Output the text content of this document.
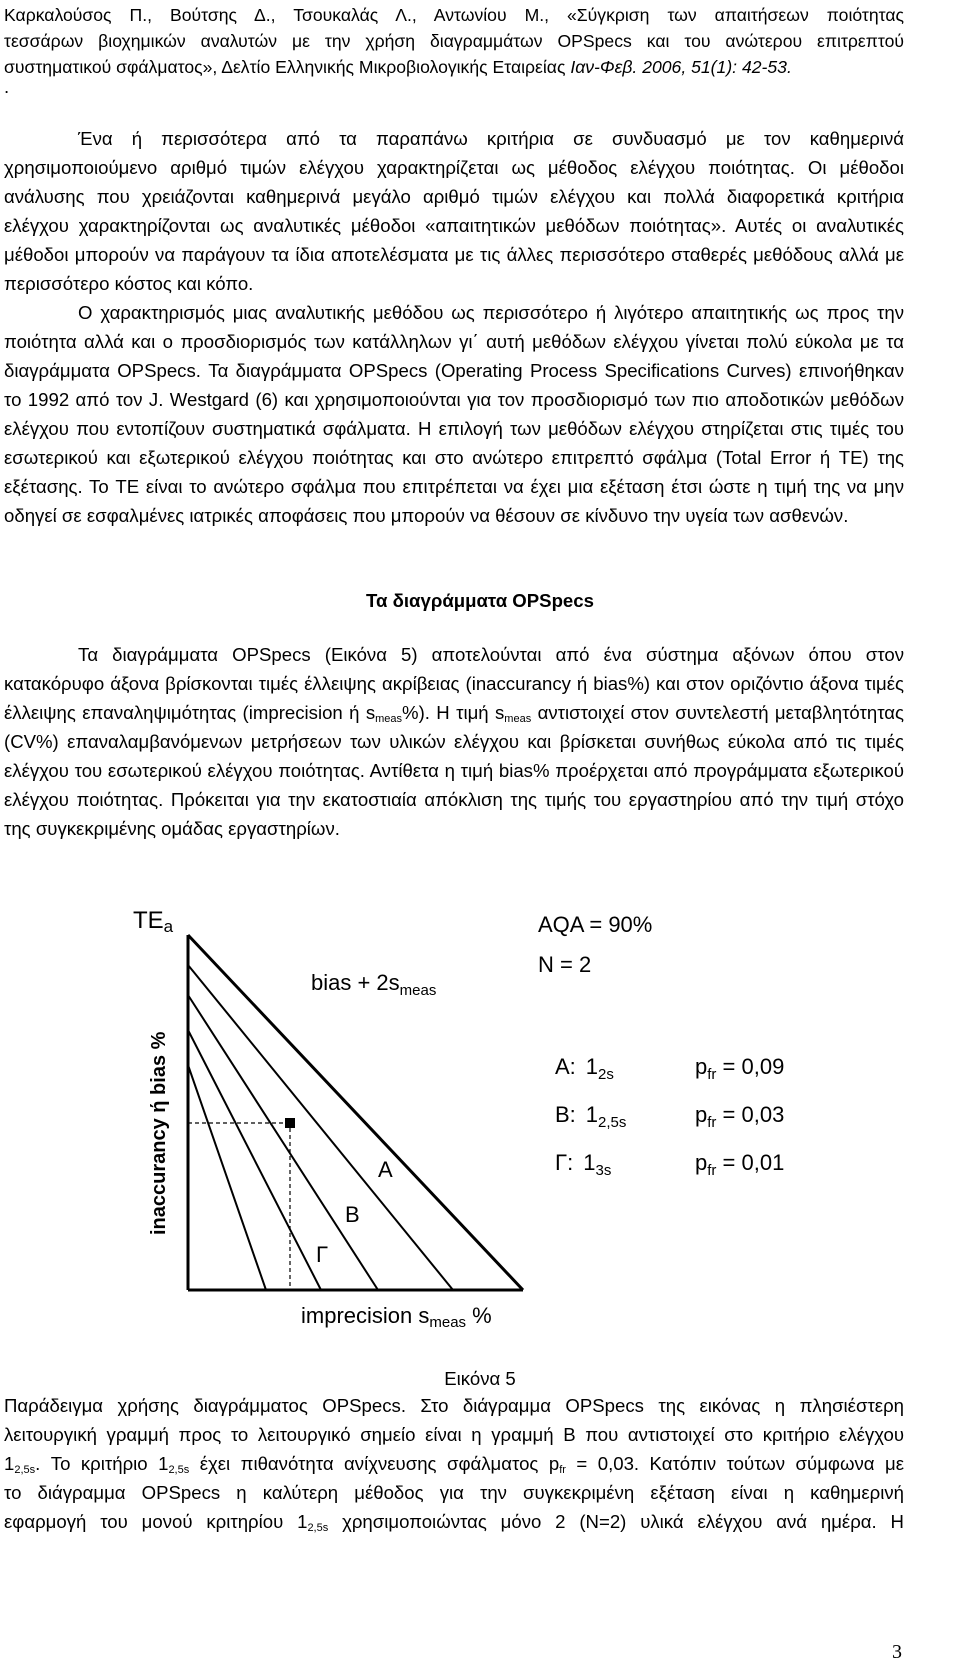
Καρκαλούσος Π., Βούτσης Δ., Τσουκαλάς Λ., Αντωνίου Μ., «Σύγκριση των απαιτήσεων ποιότητας
τεσσάρων βιοχημικών αναλυτών με την χρήση διαγραμμάτων OPSpecs και του ανώτερου επιτρεπτού
συστηματικού σφάλματος», Δελτίο Ελληνικής Μικροβιολογικής Εταιρείας Ιαν-Φεβ. 2006, 51(1): 42-53.
.
Ένα ή περισσότερα από τα παραπάνω κριτήρια σε συνδυασμό με τον καθημερινά
χρησιμοποιούμενο αριθμό τιμών ελέγχου χαρακτηρίζεται ως μέθοδος ελέγχου ποιότητας. Οι μέθοδοι
ανάλυσης που χρειάζονται καθημερινά μεγάλο αριθμό τιμών ελέγχου και πολλά διαφορετικά κριτήρια
ελέγχου χαρακτηρίζονται ως αναλυτικές μέθοδοι «απαιτητικών μεθόδων ποιότητας». Αυτές οι αναλυτικές
μέθοδοι μπορούν να παράγουν τα ίδια αποτελέσματα με τις άλλες περισσότερο σταθερές μεθόδους αλλά με
περισσότερο κόστος και κόπο.
Ο χαρακτηρισμός μιας αναλυτικής μεθόδου ως περισσότερο ή λιγότερο απαιτητικής ως προς την
ποιότητα αλλά και ο προσδιορισμός των κατάλληλων γι΄ αυτή μεθόδων ελέγχου γίνεται πολύ εύκολα με τα
διαγράμματα OPSpecs. Τα διαγράμματα OPSpecs (Operating Process Specifications Curves) επινοήθηκαν
το 1992 από τον J. Westgard (6) και χρησιμοποιούνται για τον προσδιορισμό των πιο αποδοτικών μεθόδων
ελέγχου που εντοπίζουν συστηματικά σφάλματα. Η επιλογή των μεθόδων ελέγχου στηρίζεται στις τιμές του
εσωτερικού και εξωτερικού ελέγχου ποιότητας και στο ανώτερο επιτρεπτό σφάλμα (Total Error ή TE) της
εξέτασης. Το TE είναι το ανώτερο σφάλμα που επιτρέπεται να έχει μια εξέταση έτσι ώστε η τιμή της να μην
οδηγεί σε εσφαλμένες ιατρικές αποφάσεις που μπορούν να θέσουν σε κίνδυνο την υγεία των ασθενών.
Τα διαγράμματα OPSpecs
Τα διαγράμματα OPSpecs (Εικόνα 5) αποτελούνται από ένα σύστημα αξόνων όπου στον
κατακόρυφο άξονα βρίσκονται τιμές έλλειψης ακρίβειας (inaccurancy ή bias%) και στον οριζόντιο άξονα τιμές
έλλειψης επαναληψιμότητας (imprecision ή $s_{meas}\%$). Η τιμή $s_{meas}$ αντιστοιχεί στον συντελεστή μεταβλητότητας
(CV%) επαναλαμβανόμενων μετρήσεων των υλικών ελέγχου και βρίσκεται συνήθως εύκολα από τις τιμές
ελέγχου του εσωτερικού ελέγχου ποιότητας. Αντίθετα η τιμή bias% προέρχεται από προγράμματα εξωτερικού
ελέγχου ποιότητας. Πρόκειται για την εκατοστιαία απόκλιση της τιμής του εργαστηρίου από την τιμή στόχο
της συγκεκριμένης ομάδας εργαστηρίων.
TEa
inaccurancy ή bias %
imprecision smeas %
bias + $2s_{meas}$
A
B
Γ
AQA = 90%
N = 2
A: $1_{2s}$	$p_{fr} = 0,09$
B: $1_{2,5s}$	$p_{fr} = 0,03$
Γ: $1_{3s}$	$p_{fr} = 0,01$
Εικόνα 5
Παράδειγμα χρήσης διαγράμματος OPSpecs. Στο διάγραμμα OPSpecs της εικόνας η πλησιέστερη
λειτουργική γραμμή προς το λειτουργικό σημείο είναι η γραμμή Β που αντιστοιχεί στο κριτήριο ελέγχου
$1_{2,5s}$. Το κριτήριο $1_{2,5s}$ έχει πιθανότητα ανίχνευσης σφάλματος $p_{fr} = 0,03$. Κατόπιν τούτων σύμφωνα με
το διάγραμμα OPSpecs η καλύτερη μέθοδος για την συγκεκριμένη εξέταση είναι η καθημερινή
εφαρμογή του μονού κριτηρίου $1_{2,5s}$ χρησιμοποιώντας μόνο 2 (N=2) υλικά ελέγχου ανά ημέρα. Η
3
